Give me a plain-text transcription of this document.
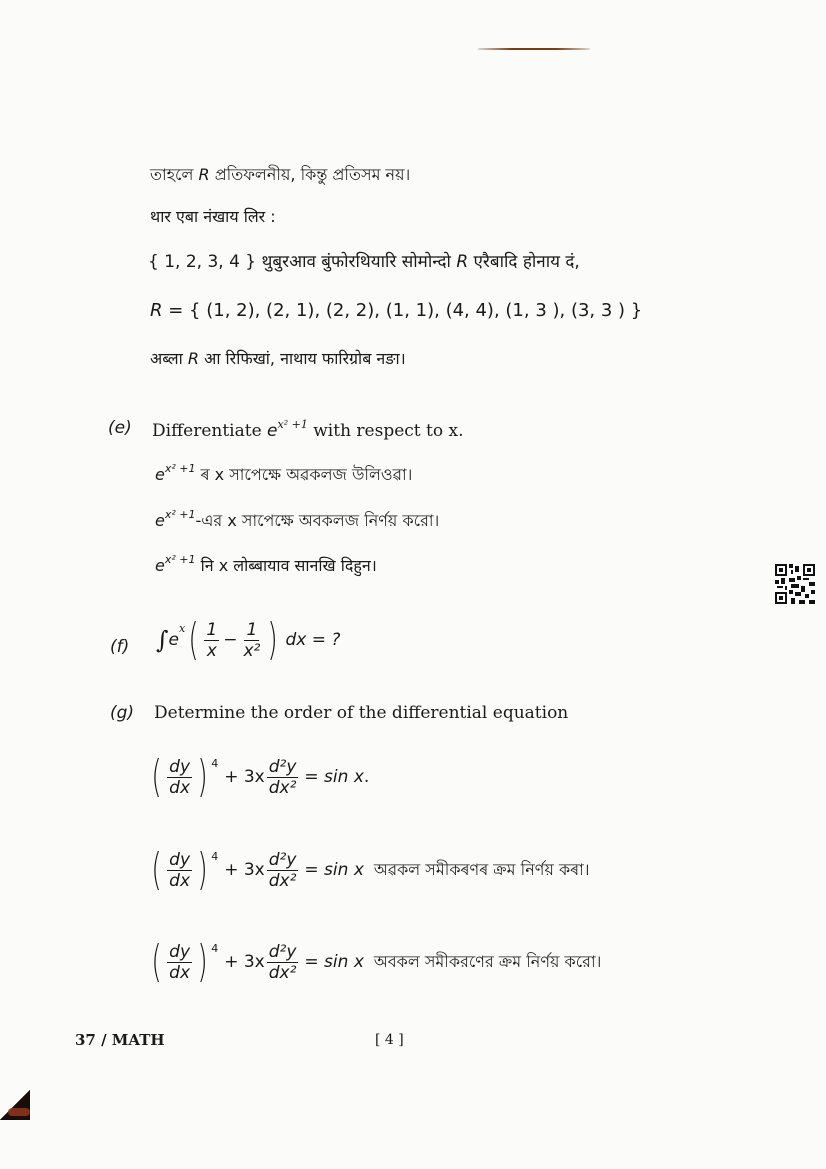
তাহলে R প্রতিফলনীয়, কিন্তু প্রতিসম নয়।
थार एबा नंखाय लिर :
{ 1, 2, 3, 4 } थुबुरआव बुंफोरथियारि सोमोन्दो R एरैबादि होनाय दं,
R = { (1, 2), (2, 1), (2, 2), (1, 1), (4, 4), (1, 3 ), (3, 3 ) }
अब्ला R आ रिफिखां, नाथाय फारिग्रोब नङा।
(e) Differentiate $e^{x^2 +1}$ with respect to x.
$e^{x^2 +1}$ ৰ x সাপেক্ষে অৱকলজ উলিওৱা।
$e^{x^2 +1}-এর$ x সাপেক্ষে অবকলজ নির্ণয় করো।
$e^{x^2 +1}$ नि x लोब्बायाव सानखि दिहुन।
(f) ∫ e
x ( $\frac{1}{x} - \frac{1}{\text{x²}}$ ) dx = ?
(g) Determine the order of the differential equation
( $\frac{dy}{dx}$ ) 4
+ $3x \frac{\text{d²y}}{\text{dx²}} = \sin x$ .
( $\frac{dy}{dx}$ ) 4
+ $3x \frac{\text{d²y}}{\text{dx²}} = \sin x$ অৱকল সমীকৰণৰ ক্ৰম নিৰ্ণয় কৰা।
( $\frac{dy}{dx}$ ) 4
+ $3x \frac{\text{d²y}}{\text{dx²}} = \sin x$ অবকল সমীকরণের ক্রম নির্ণয় করো।
37 / MATH	[ 4 ]
